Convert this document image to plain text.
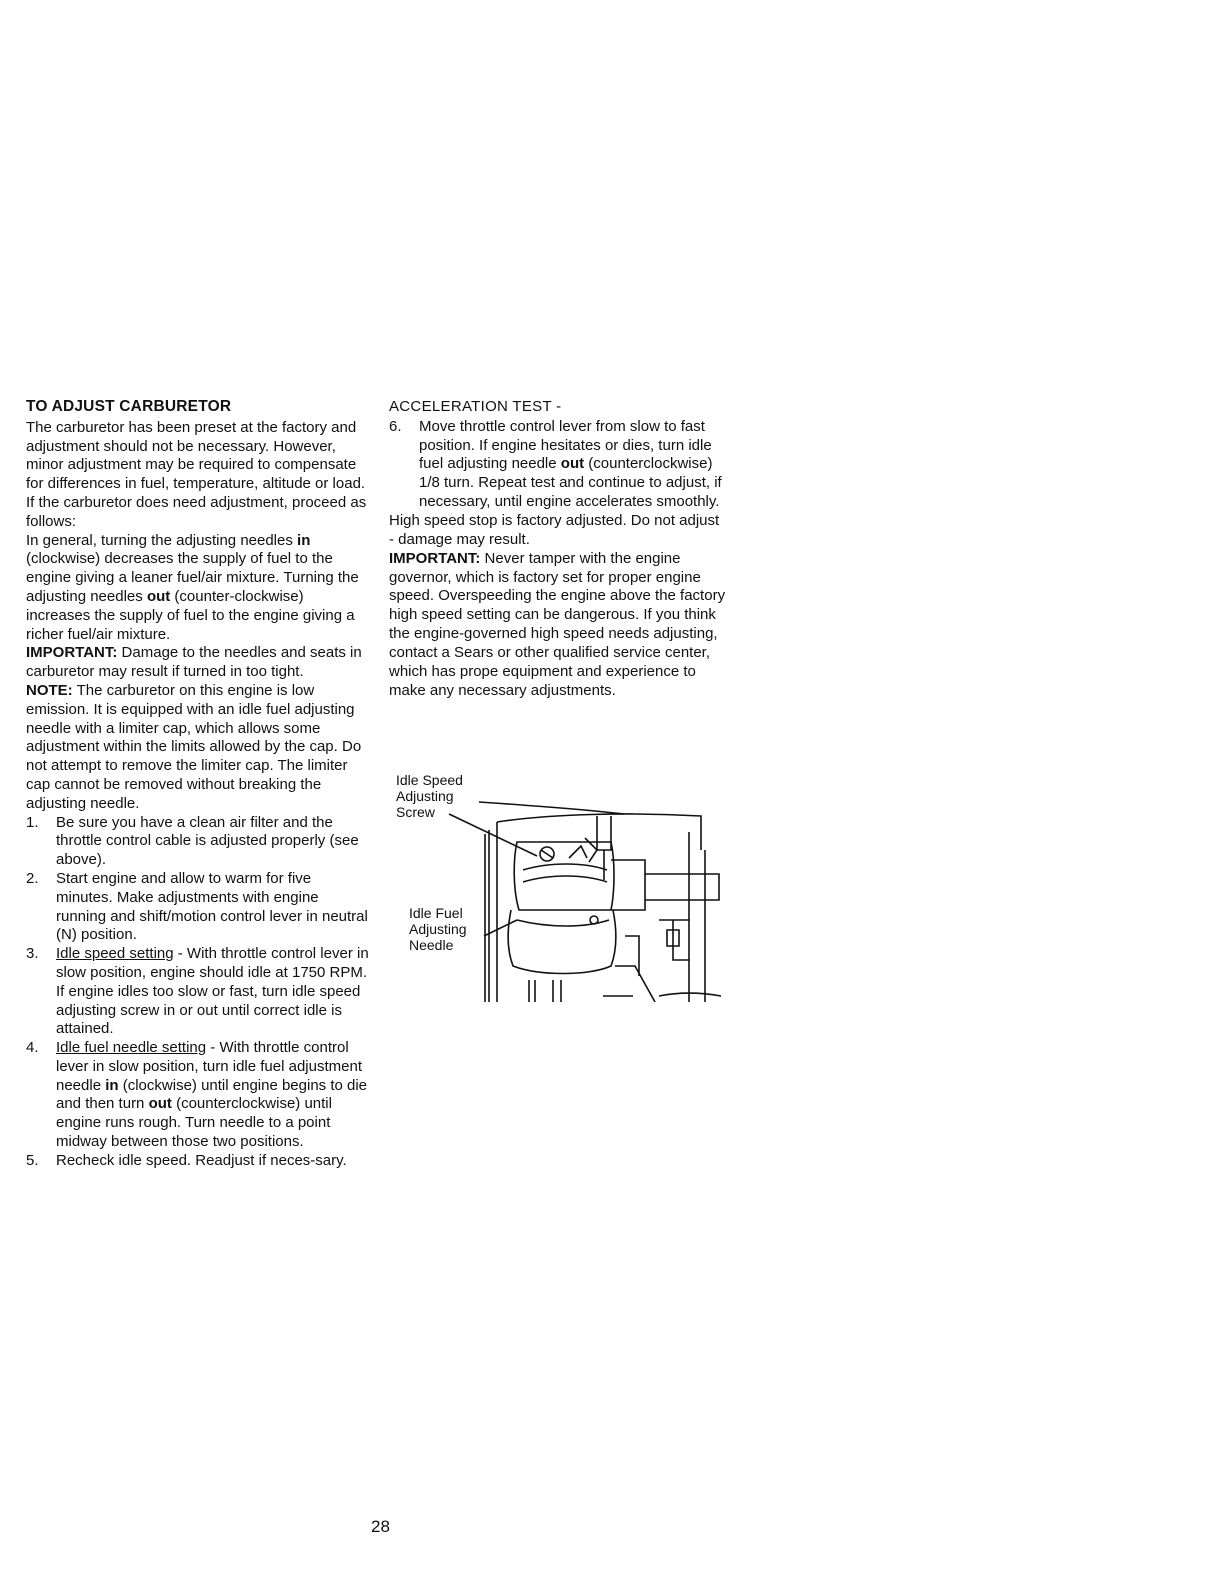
TO ADJUST CARBURETOR

The carburetor has been preset at the factory and adjustment should not be necessary. However, minor adjustment may be required to compensate for differences in fuel, temperature, altitude or load. If the carburetor does need adjustment, proceed as follows:

In general, turning the adjusting needles in (clockwise) decreases the supply of fuel to the engine giving a leaner fuel/air mixture. Turning the adjusting needles out (counter-clockwise) increases the supply of fuel to the engine giving a richer fuel/air mixture.

IMPORTANT: Damage to the needles and seats in carburetor may result if turned in too tight.

NOTE: The carburetor on this engine is low emission. It is equipped with an idle fuel adjusting needle with a limiter cap, which allows some adjustment within the limits allowed by the cap. Do not attempt to remove the limiter cap. The limiter cap cannot be removed without breaking the adjusting needle.

1.	Be sure you have a clean air filter and the throttle control cable is adjusted properly (see above).
2.	Start engine and allow to warm for five minutes. Make adjustments with engine running and shift/motion control lever in neutral (N) position.
3.	Idle speed setting - With throttle control lever in slow position, engine should idle at 1750 RPM. If engine idles too slow or fast, turn idle speed adjusting screw in or out until correct idle is attained.
4.	Idle fuel needle setting - With throttle control lever in slow position, turn idle fuel adjustment needle in (clockwise) until engine begins to die and then turn out (counterclockwise) until engine runs rough. Turn needle to a point midway between those two positions.
5.	Recheck idle speed. Readjust if neces-sary.

ACCELERATION TEST -

6.	Move throttle control lever from slow to fast position. If engine hesitates or dies, turn idle fuel adjusting needle out (counterclockwise) 1/8 turn. Repeat test and continue to adjust, if necessary, until engine accelerates smoothly.

High speed stop is factory adjusted. Do not adjust - damage may result.

IMPORTANT: Never tamper with the engine governor, which is factory set for proper engine speed. Overspeeding the engine above the factory high speed setting can be dangerous. If you think the engine-governed high speed needs adjusting, contact a Sears or other qualified service center, which has prope equipment and experience to make any necessary adjustments.

Idle Speed
Adjusting
Screw
Idle Fuel
Adjusting
Needle
28
